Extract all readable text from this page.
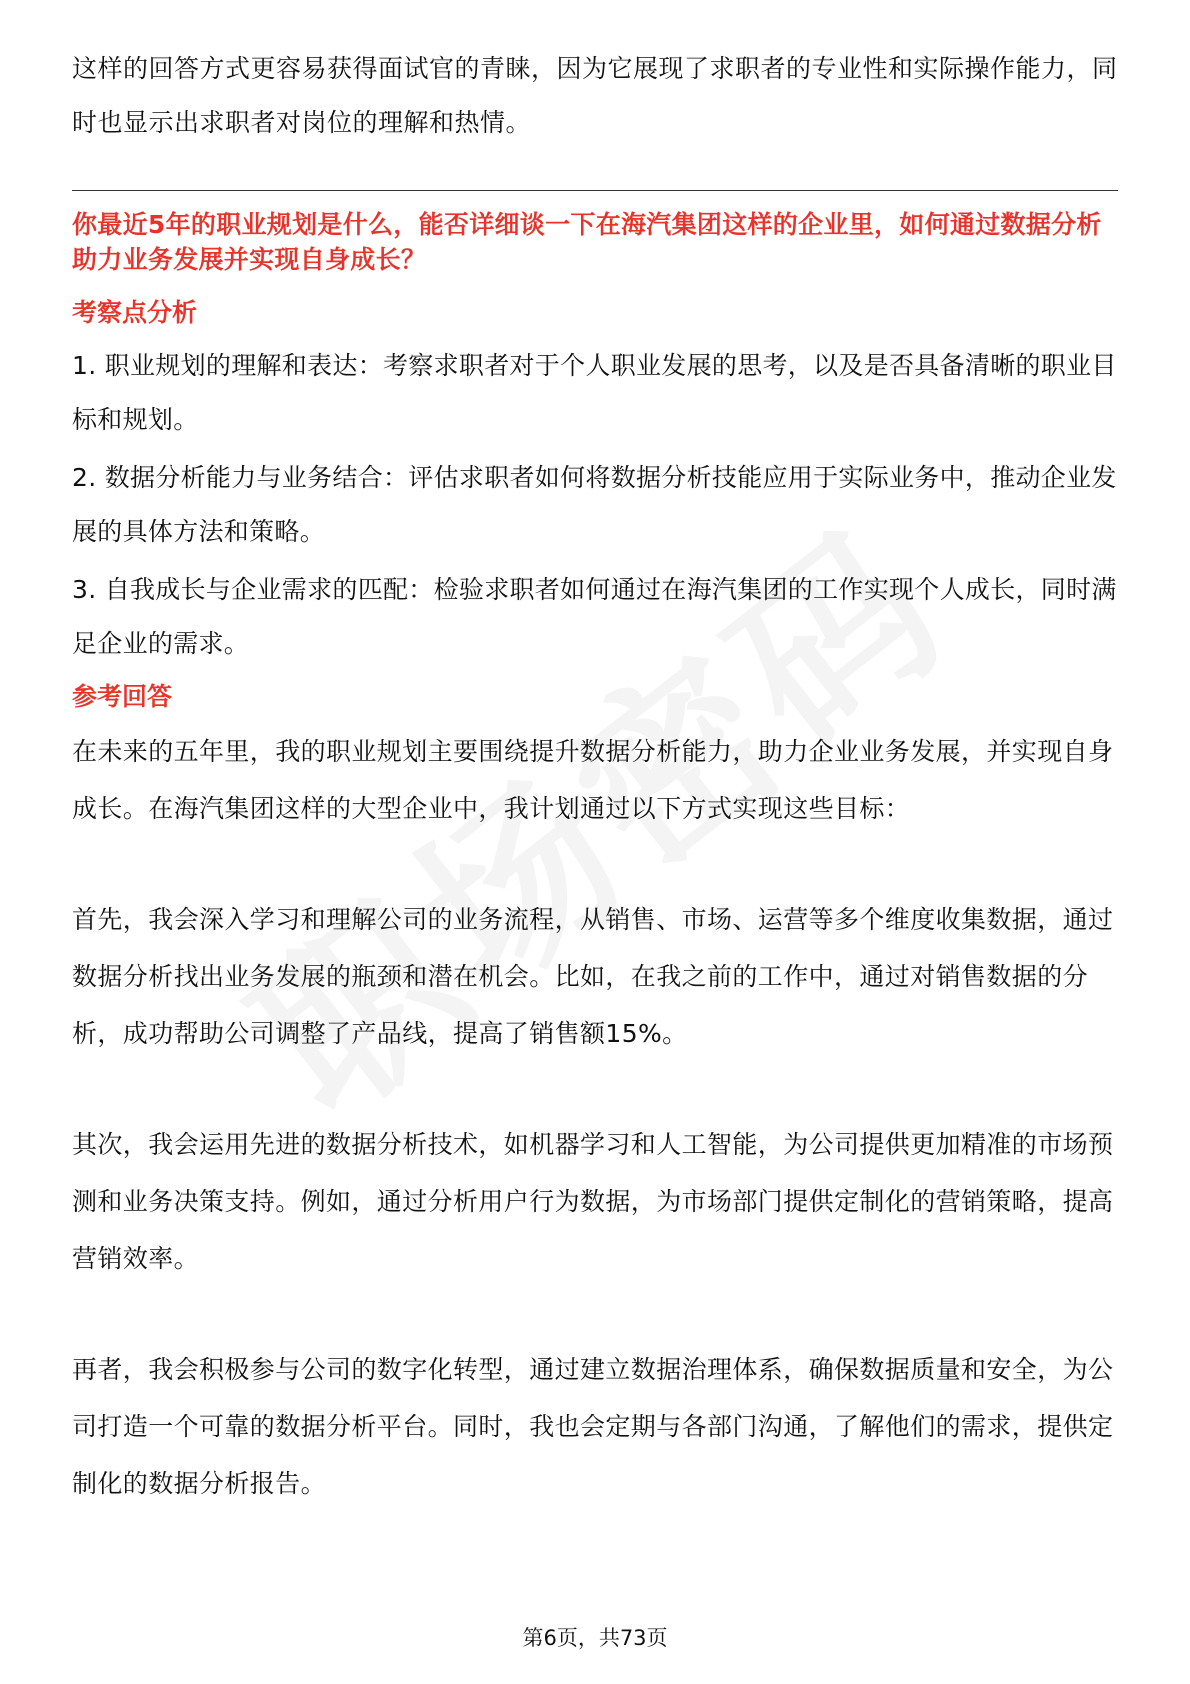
这样的回答方式更容易获得面试官的青睐，因为它展现了求职者的专业性和实际操作能力，同时也显示出求职者对岗位的理解和热情。

你最近5年的职业规划是什么，能否详细谈一下在海汽集团这样的企业里，如何通过数据分析助力业务发展并实现自身成长？

考察点分析

1. 职业规划的理解和表达：考察求职者对于个人职业发展的思考，以及是否具备清晰的职业目标和规划。

2. 数据分析能力与业务结合：评估求职者如何将数据分析技能应用于实际业务中，推动企业发展的具体方法和策略。

3. 自我成长与企业需求的匹配：检验求职者如何通过在海汽集团的工作实现个人成长，同时满足企业的需求。

参考回答

在未来的五年里，我的职业规划主要围绕提升数据分析能力，助力企业业务发展，并实现自身成长。在海汽集团这样的大型企业中，我计划通过以下方式实现这些目标：

首先，我会深入学习和理解公司的业务流程，从销售、市场、运营等多个维度收集数据，通过数据分析找出业务发展的瓶颈和潜在机会。比如，在我之前的工作中，通过对销售数据的分析，成功帮助公司调整了产品线，提高了销售额15%。

其次，我会运用先进的数据分析技术，如机器学习和人工智能，为公司提供更加精准的市场预测和业务决策支持。例如，通过分析用户行为数据，为市场部门提供定制化的营销策略，提高营销效率。

再者，我会积极参与公司的数字化转型，通过建立数据治理体系，确保数据质量和安全，为公司打造一个可靠的数据分析平台。同时，我也会定期与各部门沟通，了解他们的需求，提供定制化的数据分析报告。

第6页，共73页
